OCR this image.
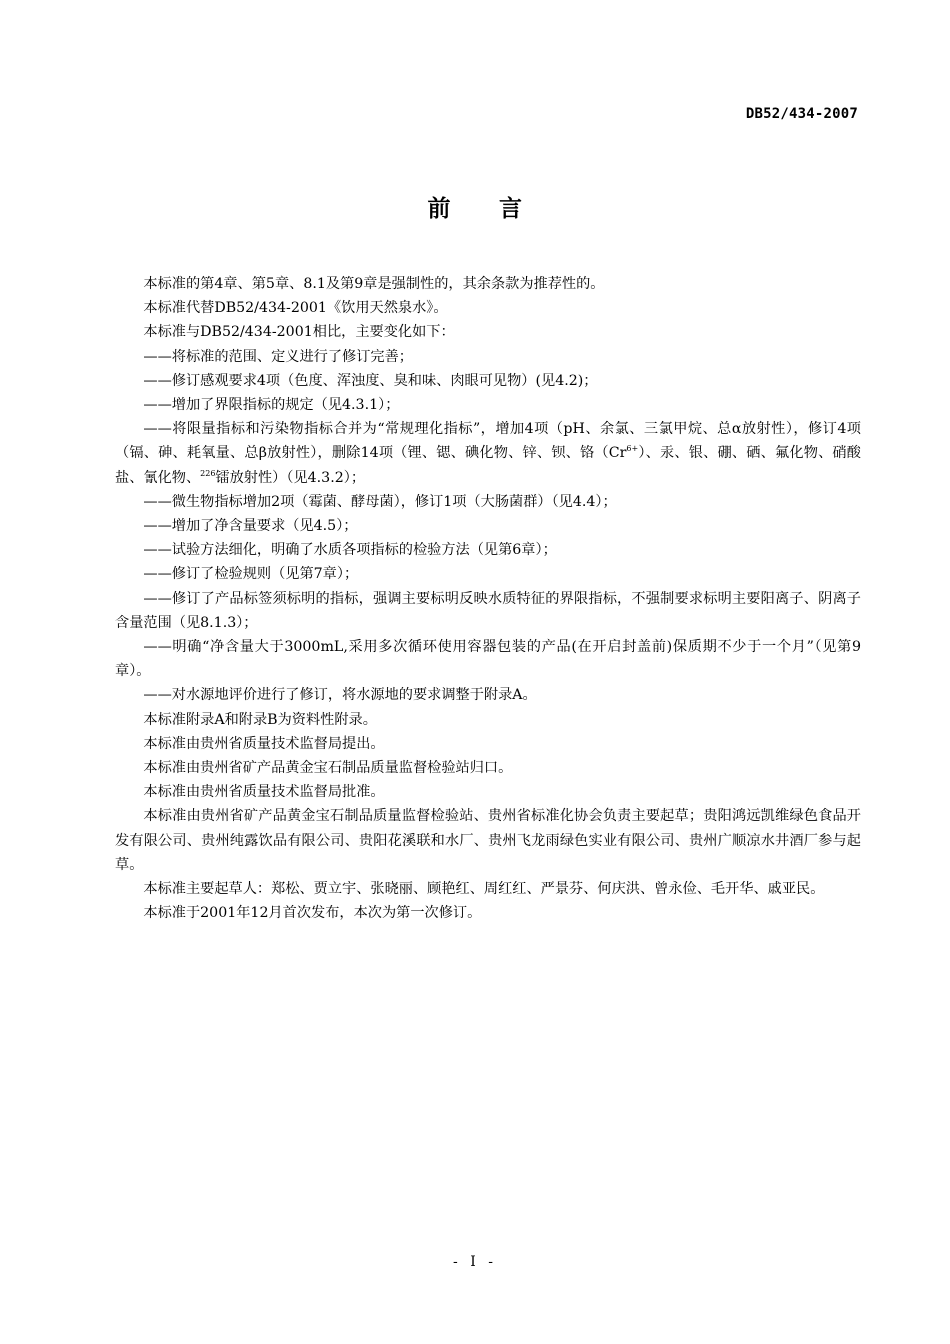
DB52/434-2007
前 言

本标准的第4章、第5章、8.1及第9章是强制性的，其余条款为推荐性的。

本标准代替DB52/434-2001《饮用天然泉水》。

本标准与DB52/434-2001相比，主要变化如下：

——将标准的范围、定义进行了修订完善；

——修订感观要求4项（色度、浑浊度、臭和味、肉眼可见物）(见4.2)；

——增加了界限指标的规定（见4.3.1）；

——将限量指标和污染物指标合并为“常规理化指标”，增加4项（pH、余氯、三氯甲烷、总α放射性），修订4项（镉、砷、耗氧量、总β放射性），删除14项（锂、锶、碘化物、锌、钡、铬$(Cr^{6+})$、汞、银、硼、硒、氟化物、硝酸盐、氰化物、$^{226}$镭放射性）（见4.3.2）；

——微生物指标增加2项（霉菌、酵母菌），修订1项（大肠菌群）（见4.4）；

——增加了净含量要求（见4.5）；

——试验方法细化，明确了水质各项指标的检验方法（见第6章）；

——修订了检验规则（见第7章）；

——修订了产品标签须标明的指标，强调主要标明反映水质特征的界限指标，不强制要求标明主要阳离子、阴离子含量范围（见8.1.3）；

——明确“净含量大于3000mL,采用多次循环使用容器包装的产品(在开启封盖前)保质期不少于一个月”（见第9章）。

——对水源地评价进行了修订，将水源地的要求调整于附录A。

本标准附录A和附录B为资料性附录。

本标准由贵州省质量技术监督局提出。

本标准由贵州省矿产品黄金宝石制品质量监督检验站归口。

本标准由贵州省质量技术监督局批准。

本标准由贵州省矿产品黄金宝石制品质量监督检验站、贵州省标准化协会负责主要起草；贵阳鸿远凯维绿色食品开发有限公司、贵州纯露饮品有限公司、贵阳花溪联和水厂、贵州飞龙雨绿色实业有限公司、贵州广顺凉水井酒厂参与起草。

本标准主要起草人：郑松、贾立宇、张晓丽、顾艳红、周红红、严景芬、何庆洪、曾永俭、毛开华、戚亚民。

本标准于2001年12月首次发布，本次为第一次修订。

- I -
